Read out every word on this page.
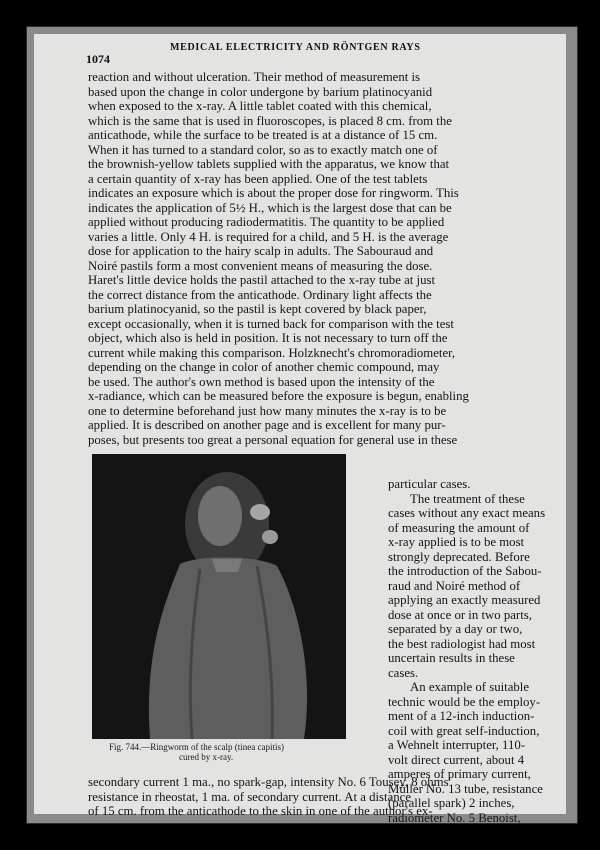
1074
MEDICAL ELECTRICITY AND RÖNTGEN RAYS
reaction and without ulceration. Their method of measurement is
based upon the change in color undergone by barium platinocyanid
when exposed to the x-ray. A little tablet coated with this chemical,
which is the same that is used in fluoroscopes, is placed 8 cm. from the
anticathode, while the surface to be treated is at a distance of 15 cm.
When it has turned to a standard color, so as to exactly match one of
the brownish-yellow tablets supplied with the apparatus, we know that
a certain quantity of x-ray has been applied. One of the test tablets
indicates an exposure which is about the proper dose for ringworm. This
indicates the application of 5½ H., which is the largest dose that can be
applied without producing radiodermatitis. The quantity to be applied
varies a little. Only 4 H. is required for a child, and 5 H. is the average
dose for application to the hairy scalp in adults. The Sabouraud and
Noiré pastils form a most convenient means of measuring the dose.
Haret's little device holds the pastil attached to the x-ray tube at just
the correct distance from the anticathode. Ordinary light affects the
barium platinocyanid, so the pastil is kept covered by black paper,
except occasionally, when it is turned back for comparison with the test
object, which also is held in position. It is not necessary to turn off the
current while making this comparison. Holzknecht's chromoradiometer,
depending on the change in color of another chemic compound, may
be used. The author's own method is based upon the intensity of the
x-radiance, which can be measured before the exposure is begun, enabling
one to determine beforehand just how many minutes the x-ray is to be
applied. It is described on another page and is excellent for many pur-
poses, but presents too great a personal equation for general use in these
Fig. 744.—Ringworm of the scalp (tinea capitis)
cured by x-ray.
particular cases.
The treatment of these
cases without any exact means
of measuring the amount of
x-ray applied is to be most
strongly deprecated. Before
the introduction of the Sabou-
raud and Noiré method of
applying an exactly measured
dose at once or in two parts,
separated by a day or two,
the best radiologist had most
uncertain results in these
cases.
An example of suitable
technic would be the employ-
ment of a 12-inch induction-
coil with great self-induction,
a Wehnelt interrupter, 110-
volt direct current, about 4
amperes of primary current,
Müller No. 13 tube, resistance
(parallel spark) 2 inches,
radiometer No. 5 Benoist,
secondary current 1 ma., no spark-gap, intensity No. 6 Tousey, 8 ohms'
resistance in rheostat, 1 ma. of secondary current. At a distance
of 15 cm. from the anticathode to the skin in one of the author's ex-
